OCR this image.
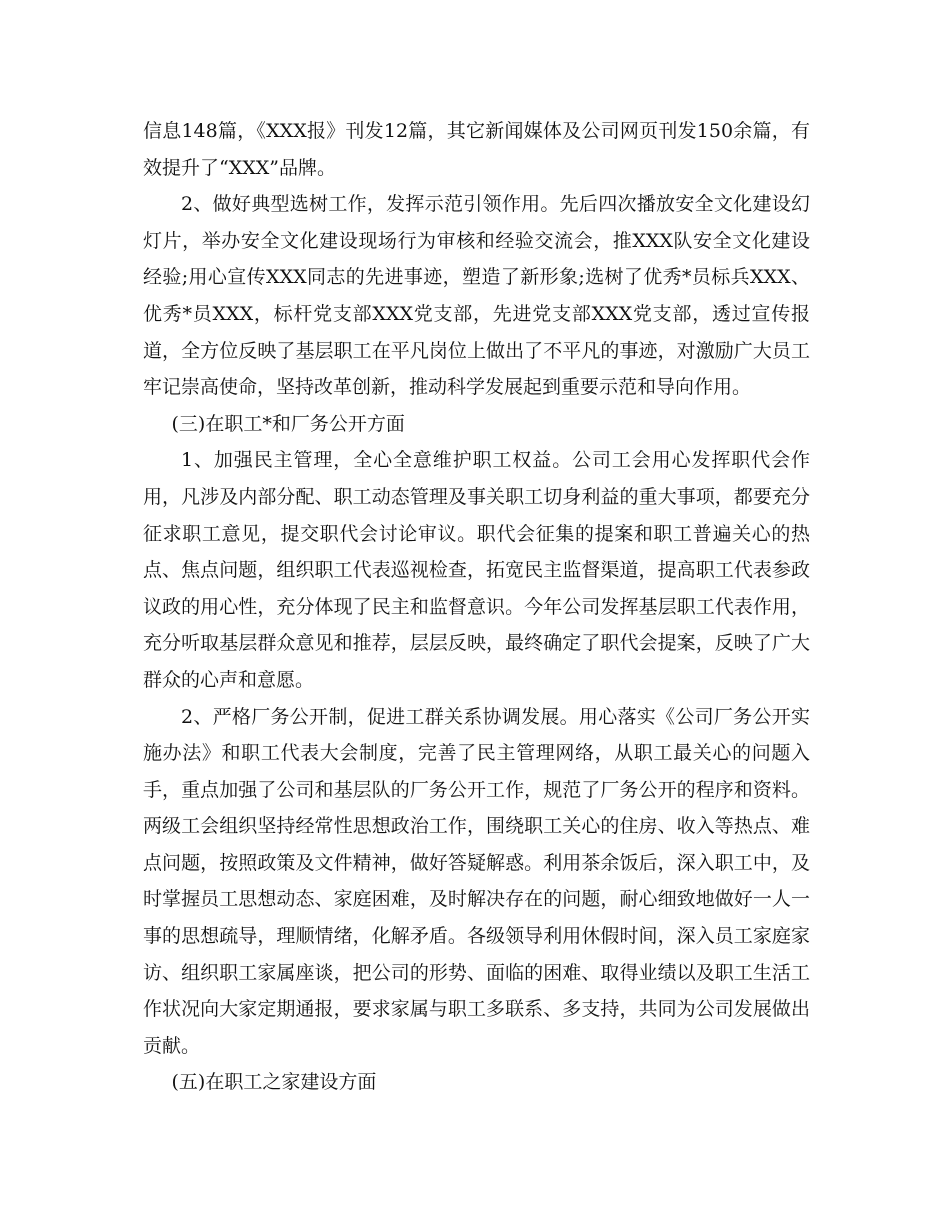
信息148篇，《XXX报》刊发12篇，其它新闻媒体及公司网页刊发150余篇，有效提升了“XXX”品牌。

2、做好典型选树工作，发挥示范引领作用。先后四次播放安全文化建设幻灯片，举办安全文化建设现场行为审核和经验交流会，推XXX队安全文化建设经验;用心宣传XXX同志的先进事迹，塑造了新形象;选树了优秀*员标兵XXX、优秀*员XXX，标杆党支部XXX党支部，先进党支部XXX党支部，透过宣传报道，全方位反映了基层职工在平凡岗位上做出了不平凡的事迹，对激励广大员工牢记崇高使命，坚持改革创新，推动科学发展起到重要示范和导向作用。

(三)在职工*和厂务公开方面

1、加强民主管理，全心全意维护职工权益。公司工会用心发挥职代会作用，凡涉及内部分配、职工动态管理及事关职工切身利益的重大事项，都要充分征求职工意见，提交职代会讨论审议。职代会征集的提案和职工普遍关心的热点、焦点问题，组织职工代表巡视检查，拓宽民主监督渠道，提高职工代表参政议政的用心性，充分体现了民主和监督意识。今年公司发挥基层职工代表作用，充分听取基层群众意见和推荐，层层反映，最终确定了职代会提案，反映了广大群众的心声和意愿。

2、严格厂务公开制，促进工群关系协调发展。用心落实《公司厂务公开实施办法》和职工代表大会制度，完善了民主管理网络，从职工最关心的问题入手，重点加强了公司和基层队的厂务公开工作，规范了厂务公开的程序和资料。两级工会组织坚持经常性思想政治工作，围绕职工关心的住房、收入等热点、难点问题，按照政策及文件精神，做好答疑解惑。利用茶余饭后，深入职工中，及时掌握员工思想动态、家庭困难，及时解决存在的问题，耐心细致地做好一人一事的思想疏导，理顺情绪，化解矛盾。各级领导利用休假时间，深入员工家庭家访、组织职工家属座谈，把公司的形势、面临的困难、取得业绩以及职工生活工作状况向大家定期通报，要求家属与职工多联系、多支持，共同为公司发展做出贡献。

(五)在职工之家建设方面
